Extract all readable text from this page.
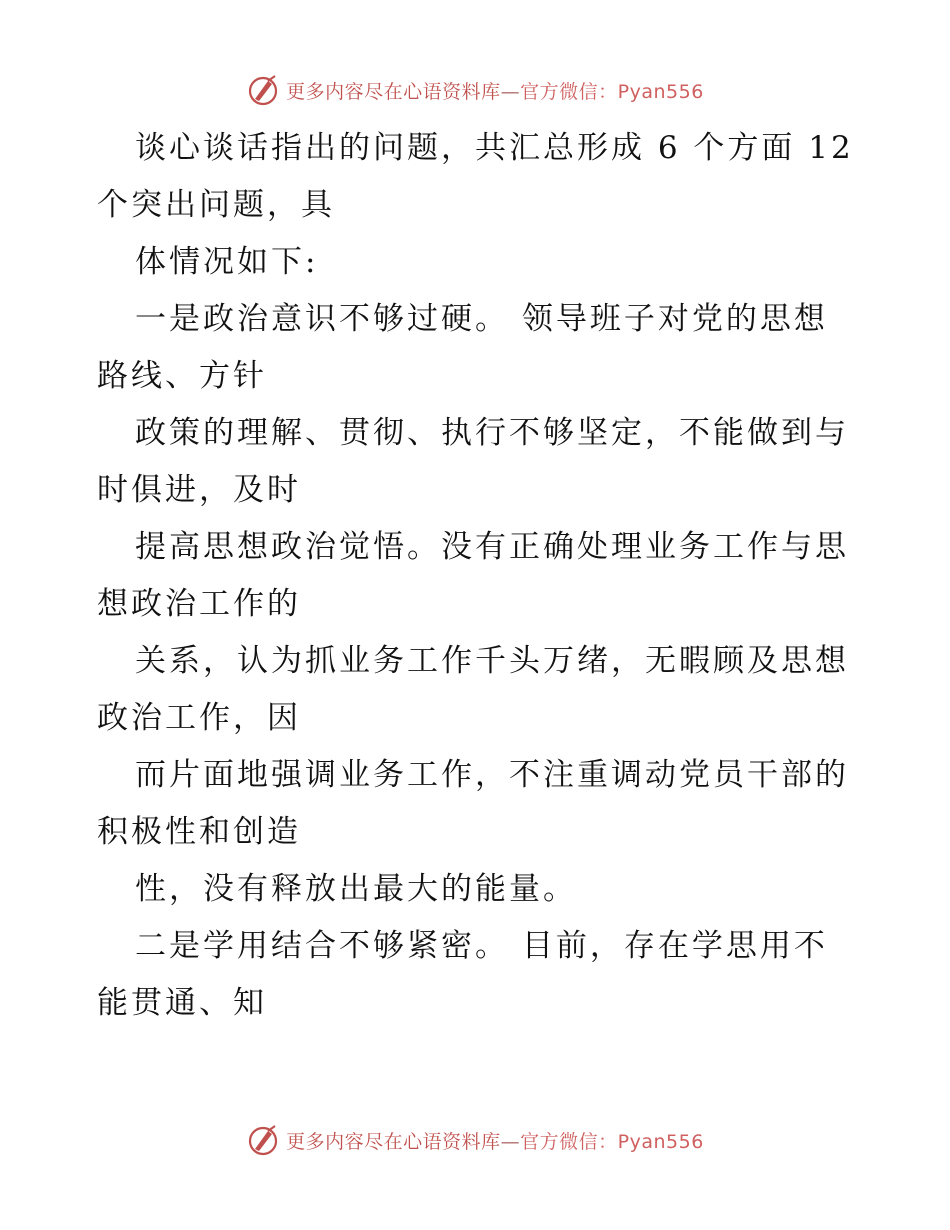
更多内容尽在心语资料库—官方微信：Pyan556
谈心谈话指出的问题，共汇总形成 6 个方面 12
个突出问题，具
体情况如下:
一是政治意识不够过硬。 领导班子对党的思想
路线、方针
政策的理解、贯彻、执行不够坚定，不能做到与
时俱进，及时
提高思想政治觉悟。没有正确处理业务工作与思
想政治工作的
关系，认为抓业务工作千头万绪，无暇顾及思想
政治工作，因
而片面地强调业务工作，不注重调动党员干部的
积极性和创造
性，没有释放出最大的能量。
二是学用结合不够紧密。 目前，存在学思用不
能贯通、知
更多内容尽在心语资料库—官方微信：Pyan556
